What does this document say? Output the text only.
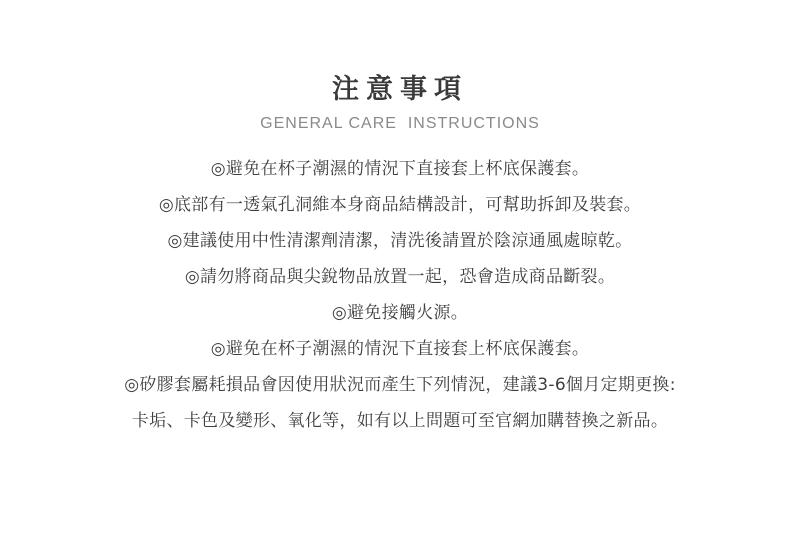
注意事項
GENERAL CARE  INSTRUCTIONS
◎避免在杯子潮濕的情況下直接套上杯底保護套。
◎底部有一透氣孔洞維本身商品結構設計，可幫助拆卸及裝套。
◎建議使用中性清潔劑清潔，清洗後請置於陰涼通風處晾乾。
◎請勿將商品與尖銳物品放置一起，恐會造成商品斷裂。
◎避免接觸火源。
◎避免在杯子潮濕的情況下直接套上杯底保護套。
◎矽膠套屬耗損品會因使用狀況而產生下列情況，建議3-6個月定期更換:
卡垢、卡色及變形、氧化等，如有以上問題可至官網加購替換之新品。
